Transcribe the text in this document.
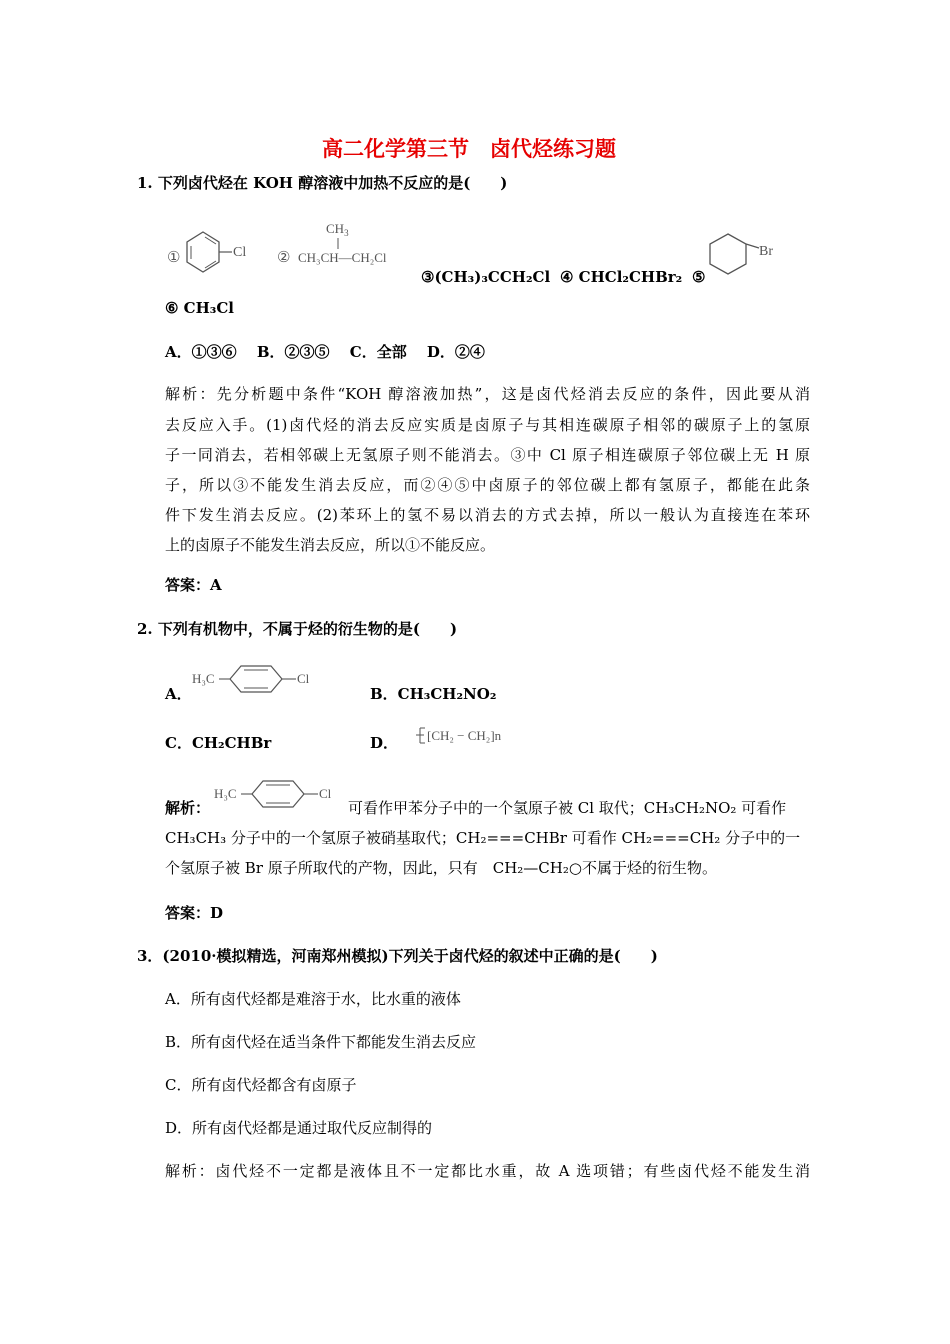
高二化学第三节　卤代烃练习题
1. 下列卤代烃在 KOH 醇溶液中加热不反应的是(　　)
①	Cl ②
$CH_3$
CH₃CH—CH₂Cl
③(CH₃)₃CCH₂Cl ④ CHCl₂CHBr₂ ⑤
Br
⑥ CH₃Cl
A．①③⑥　 B．②③⑤　 C．全部　 D．②④
解析：先分析题中条件“KOH 醇溶液加热”，这是卤代烃消去反应的条件，因此要从消
去反应入手。(1)卤代烃的消去反应实质是卤原子与其相连碳原子相邻的碳原子上的氢原
子一同消去，若相邻碳上无氢原子则不能消去。③中 Cl 原子相连碳原子邻位碳上无 H 原
子，所以③不能发生消去反应，而②④⑤中卤原子的邻位碳上都有氢原子，都能在此条
件下发生消去反应。(2)苯环上的氢不易以消去的方式去掉，所以一般认为直接连在苯环
上的卤原子不能发生消去反应，所以①不能反应。
答案：A
2. 下列有机物中，不属于烃的衍生物的是(　　)
A．
H₃C	Cl
B．CH₃CH₂NO₂
C．CH₂CHBr	D． [CH₂ − CH₂]n
解析：
H₃C	Cl
可看作甲苯分子中的一个氢原子被 Cl 取代；CH₃CH₂NO₂ 可看作
CH₃CH₃ 分子中的一个氢原子被硝基取代；CH₂===CHBr 可看作 CH₂===CH₂ 分子中的一
个氢原子被 Br 原子所取代的产物，因此，只有　CH₂—CH₂○不属于烃的衍生物。
答案：D
3．(2010·模拟精选，河南郑州模拟)下列关于卤代烃的叙述中正确的是(　　)
A．所有卤代烃都是难溶于水，比水重的液体
B．所有卤代烃在适当条件下都能发生消去反应
C．所有卤代烃都含有卤原子
D．所有卤代烃都是通过取代反应制得的
解析：卤代烃不一定都是液体且不一定都比水重，故 A 选项错；有些卤代烃不能发生消
